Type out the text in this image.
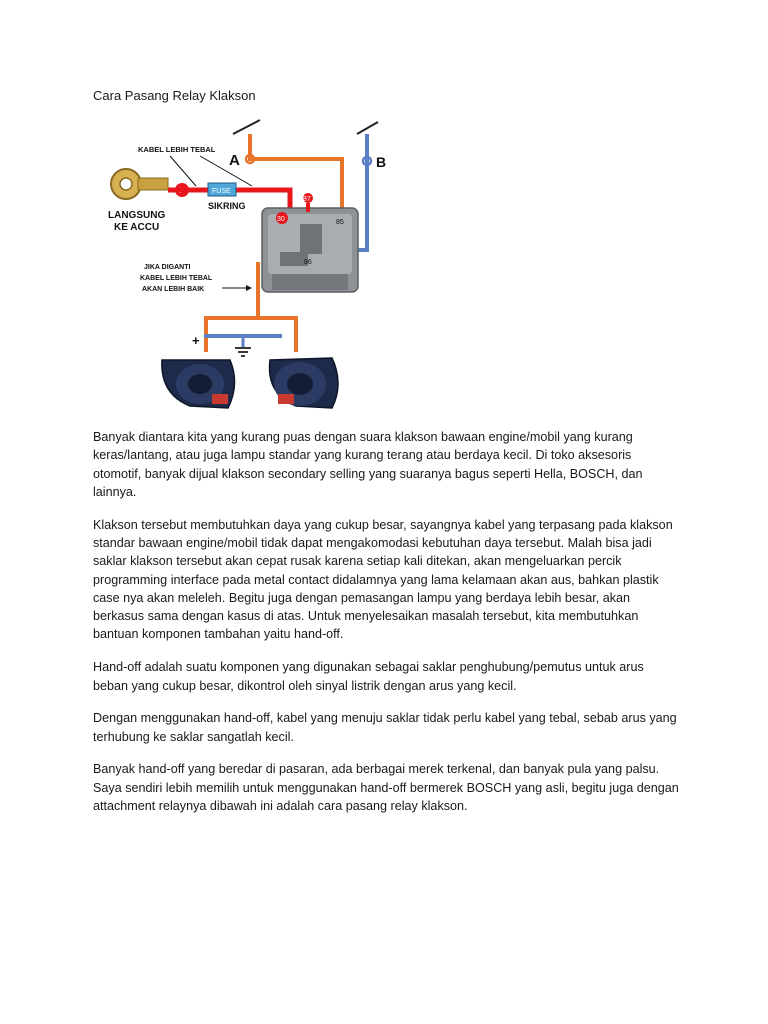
Cara Pasang Relay Klakson
A	B
+	FUSE
SIKRING
KABEL LEBIH TEBAL
LANGSUNG
KE ACCU
30
87
85
86
JIKA DIGANTI
KABEL LEBIH TEBAL
AKAN LEBIH BAIK
+

Banyak diantara kita yang kurang puas dengan suara klakson bawaan engine/mobil yang kurang keras/lantang, atau juga lampu standar yang kurang terang atau berdaya kecil. Di toko aksesoris otomotif, banyak dijual klakson secondary selling yang suaranya bagus seperti Hella, BOSCH, dan lainnya.

Klakson tersebut membutuhkan daya yang cukup besar, sayangnya kabel yang terpasang pada klakson standar bawaan engine/mobil tidak dapat mengakomodasi kebutuhan daya tersebut. Malah bisa jadi saklar klakson tersebut akan cepat rusak karena setiap kali ditekan, akan mengeluarkan percik programming interface pada metal contact didalamnya yang lama kelamaan akan aus, bahkan plastik case nya akan meleleh. Begitu juga dengan pemasangan lampu yang berdaya lebih besar, akan berkasus sama dengan kasus di atas. Untuk menyelesaikan masalah tersebut, kita membutuhkan bantuan komponen tambahan yaitu hand-off.

Hand-off adalah suatu komponen yang digunakan sebagai saklar penghubung/pemutus untuk arus beban yang cukup besar, dikontrol oleh sinyal listrik dengan arus yang kecil.

Dengan menggunakan hand-off, kabel yang menuju saklar tidak perlu kabel yang tebal, sebab arus yang terhubung ke saklar sangatlah kecil.

Banyak hand-off yang beredar di pasaran, ada berbagai merek terkenal, dan banyak pula yang palsu. Saya sendiri lebih memilih untuk menggunakan hand-off bermerek BOSCH yang asli, begitu juga dengan attachment relaynya dibawah ini adalah cara pasang relay klakson.
